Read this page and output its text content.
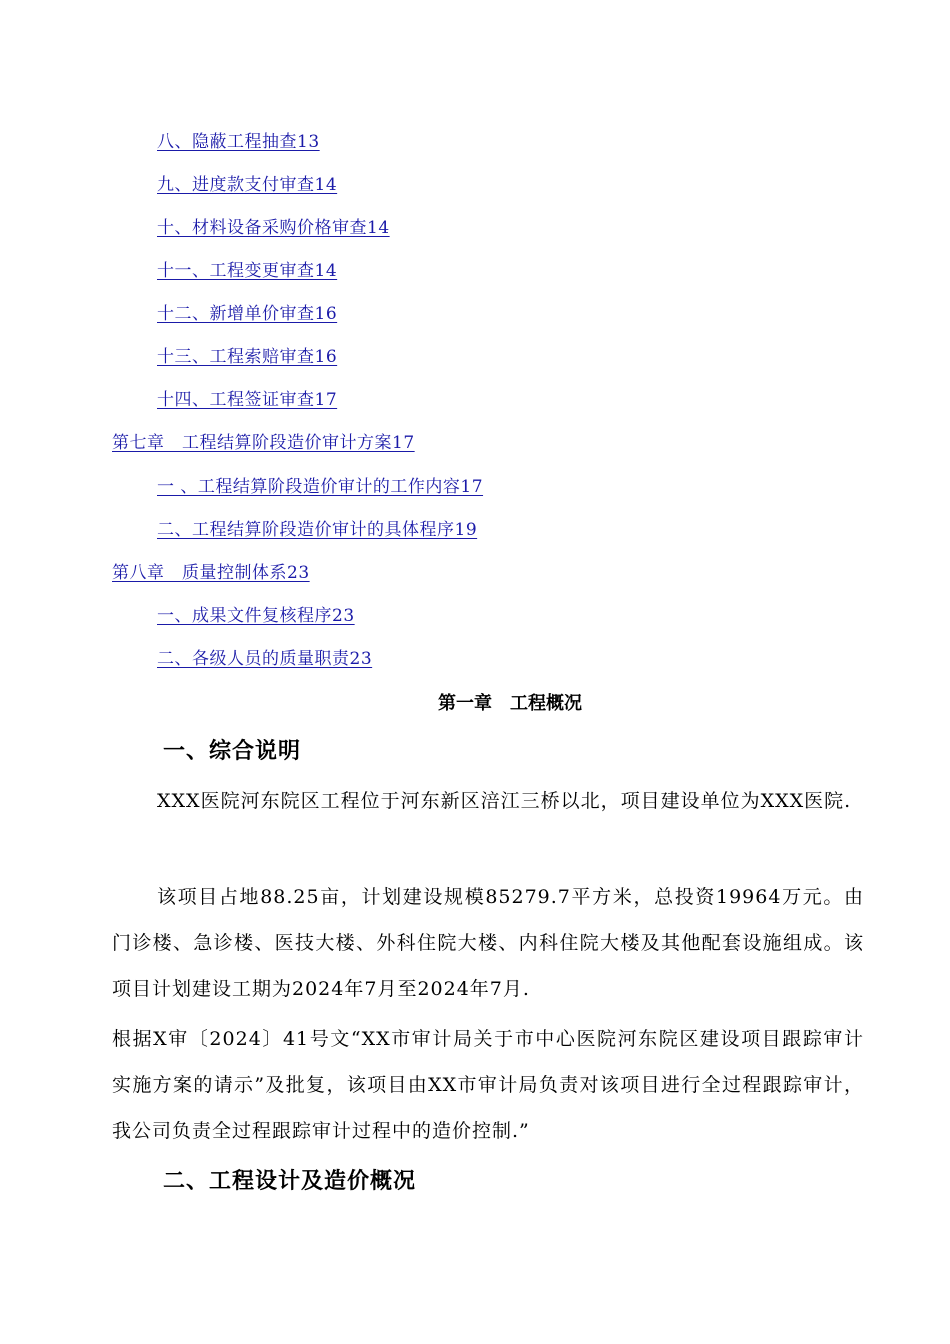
八、隐蔽工程抽查13
九、进度款支付审查14
十、材料设备采购价格审查14
十一、工程变更审查14
十二、新增单价审查16
十三、工程索赔审查16
十四、工程签证审查17
第七章　工程结算阶段造价审计方案17
一 、工程结算阶段造价审计的工作内容17
二、工程结算阶段造价审计的具体程序19
第八章　质量控制体系23
一、成果文件复核程序23
二、各级人员的质量职责23
第一章　工程概况
一、综合说明

XXX医院河东院区工程位于河东新区涪江三桥以北，项目建设单位为XXX医院.

该项目占地88.25亩，计划建设规模85279.7平方米，总投资19964万元。由门诊楼、急诊楼、医技大楼、外科住院大楼、内科住院大楼及其他配套设施组成。该项目计划建设工期为2024年7月至2024年7月.

根据X审〔2024〕41号文“XX市审计局关于市中心医院河东院区建设项目跟踪审计实施方案的请示”及批复，该项目由XX市审计局负责对该项目进行全过程跟踪审计，我公司负责全过程跟踪审计过程中的造价控制.”

二、工程设计及造价概况
